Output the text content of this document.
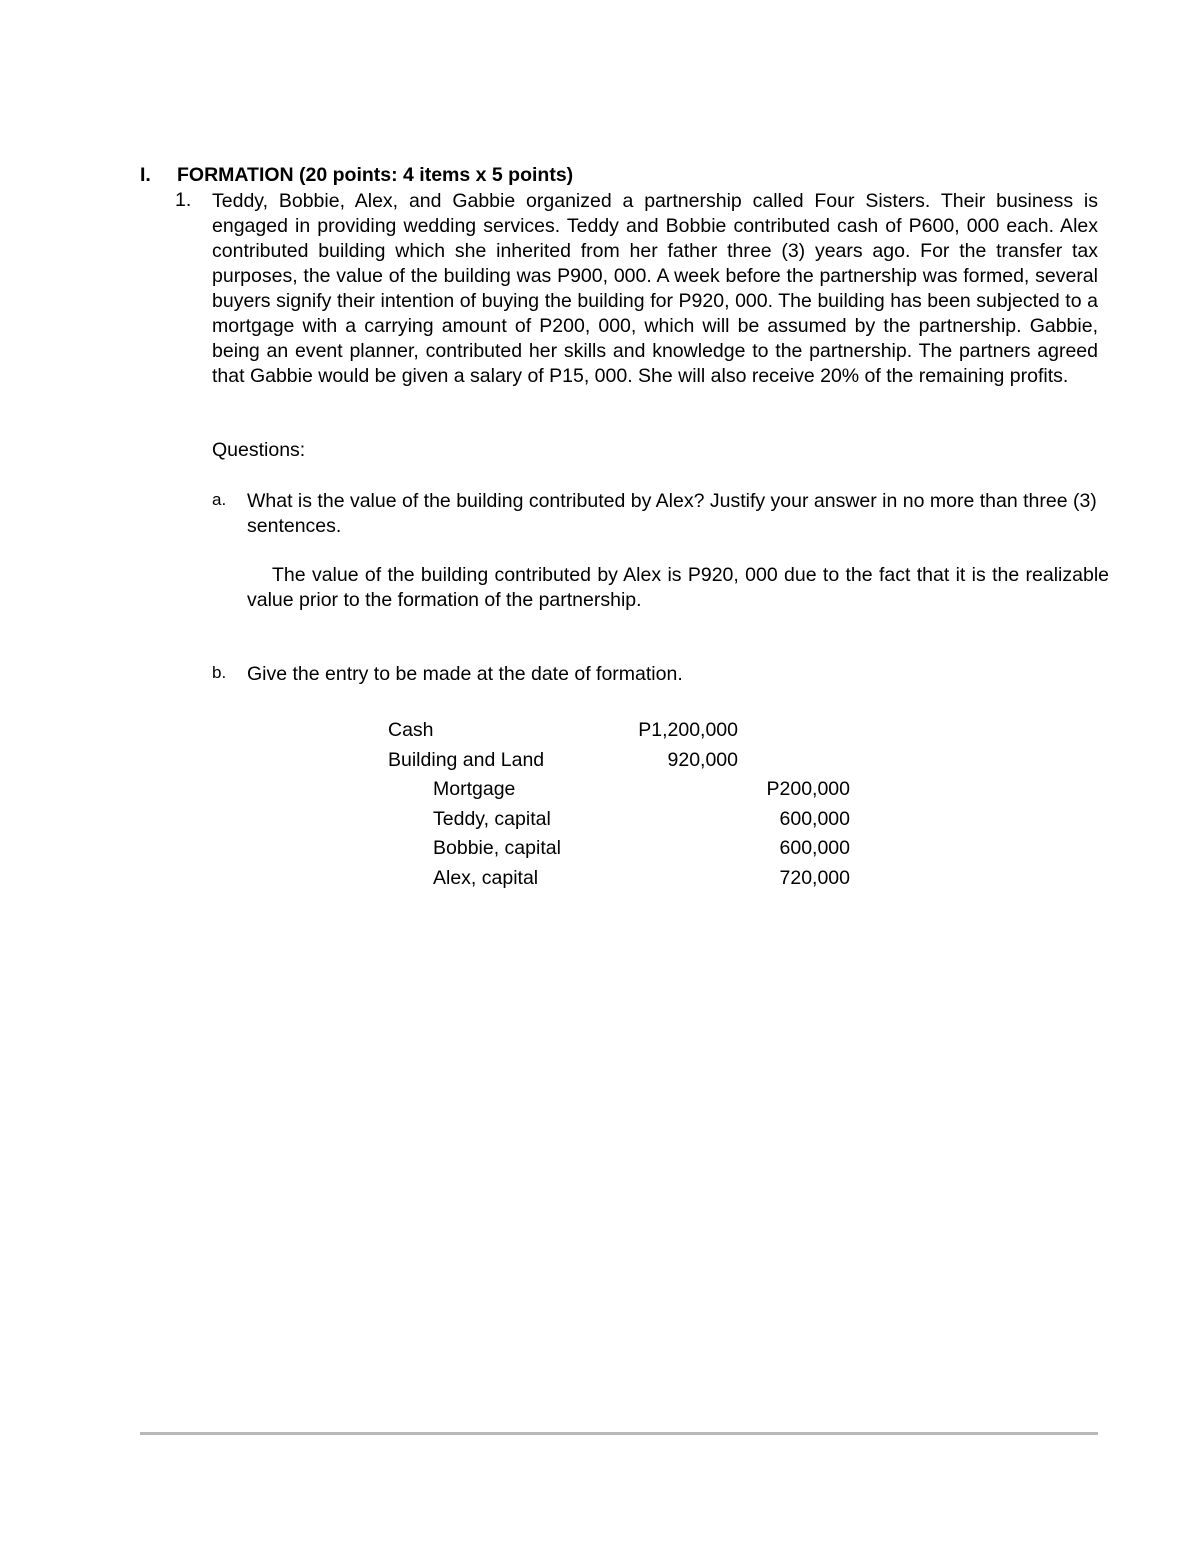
I. FORMATION (20 points: 4 items x 5 points)
1. Teddy, Bobbie, Alex, and Gabbie organized a partnership called Four Sisters. Their business is engaged in providing wedding services. Teddy and Bobbie contributed cash of P600, 000 each. Alex contributed building which she inherited from her father three (3) years ago. For the transfer tax purposes, the value of the building was P900, 000. A week before the partnership was formed, several buyers signify their intention of buying the building for P920, 000. The building has been subjected to a mortgage with a carrying amount of P200, 000, which will be assumed by the partnership. Gabbie, being an event planner, contributed her skills and knowledge to the partnership. The partners agreed that Gabbie would be given a salary of P15, 000. She will also receive 20% of the remaining profits.
Questions:
a. What is the value of the building contributed by Alex? Justify your answer in no more than three (3) sentences.
The value of the building contributed by Alex is P920, 000 due to the fact that it is the realizable value prior to the formation of the partnership.
b. Give the entry to be made at the date of formation.
Cash	P1,200,000
Building and Land	920,000
Mortgage	P200,000
Teddy, capital	600,000
Bobbie, capital	600,000
Alex, capital	720,000
